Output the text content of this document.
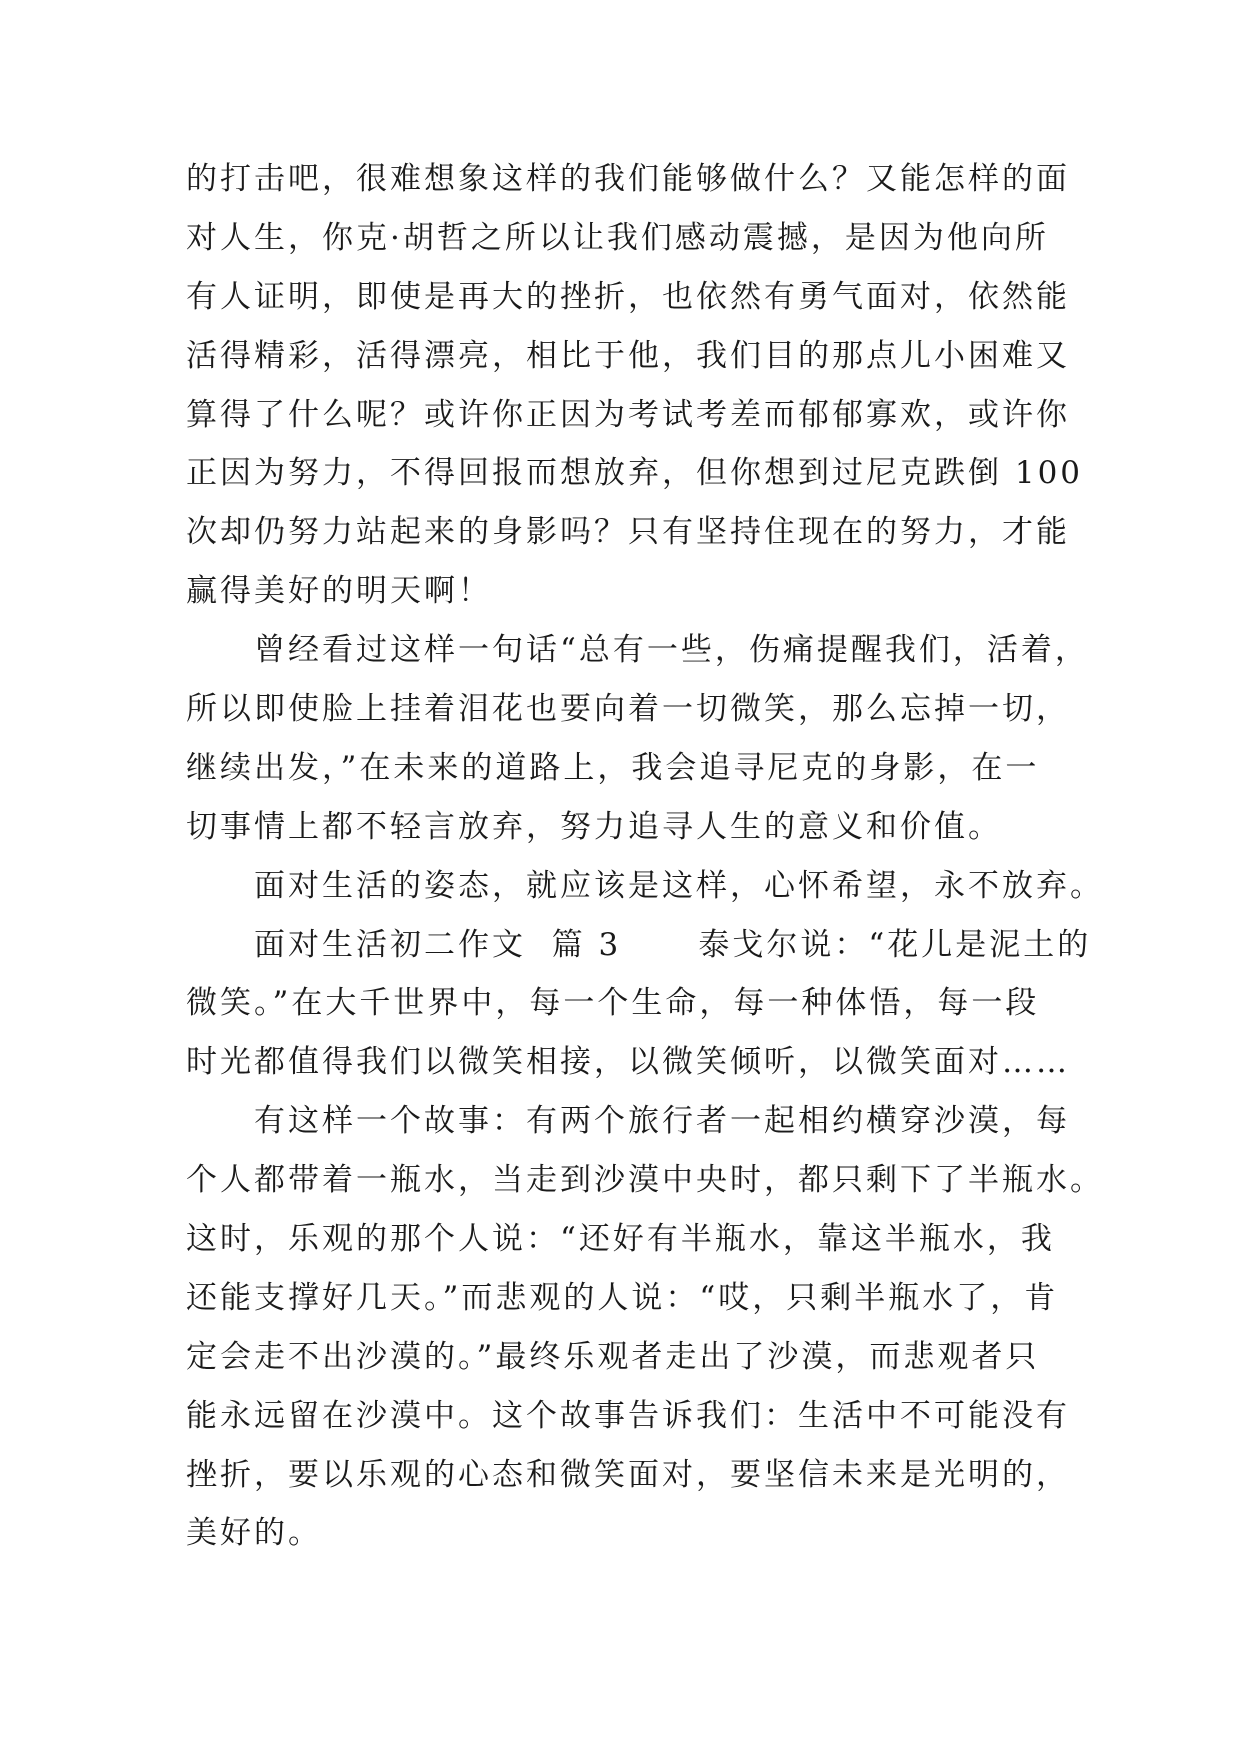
的打击吧，很难想象这样的我们能够做什么？又能怎样的面
对人生，你克·胡哲之所以让我们感动震撼，是因为他向所
有人证明，即使是再大的挫折，也依然有勇气面对，依然能
活得精彩，活得漂亮，相比于他，我们目的那点儿小困难又
算得了什么呢？或许你正因为考试考差而郁郁寡欢，或许你
正因为努力，不得回报而想放弃，但你想到过尼克跌倒 100
次却仍努力站起来的身影吗？只有坚持住现在的努力，才能
赢得美好的明天啊！
曾经看过这样一句话“总有一些，伤痛提醒我们，活着，
所以即使脸上挂着泪花也要向着一切微笑，那么忘掉一切，
继续出发，”在未来的道路上，我会追寻尼克的身影，在一
切事情上都不轻言放弃，努力追寻人生的意义和价值。
面对生活的姿态，就应该是这样，心怀希望，永不放弃。
面对生活初二作文  篇 3      泰戈尔说：“花儿是泥土的
微笑。”在大千世界中，每一个生命，每一种体悟，每一段
时光都值得我们以微笑相接，以微笑倾听，以微笑面对……
有这样一个故事：有两个旅行者一起相约横穿沙漠，每
个人都带着一瓶水，当走到沙漠中央时，都只剩下了半瓶水。
这时，乐观的那个人说：“还好有半瓶水，靠这半瓶水，我
还能支撑好几天。”而悲观的人说：“哎，只剩半瓶水了，肯
定会走不出沙漠的。”最终乐观者走出了沙漠，而悲观者只
能永远留在沙漠中。这个故事告诉我们：生活中不可能没有
挫折，要以乐观的心态和微笑面对，要坚信未来是光明的，
美好的。
